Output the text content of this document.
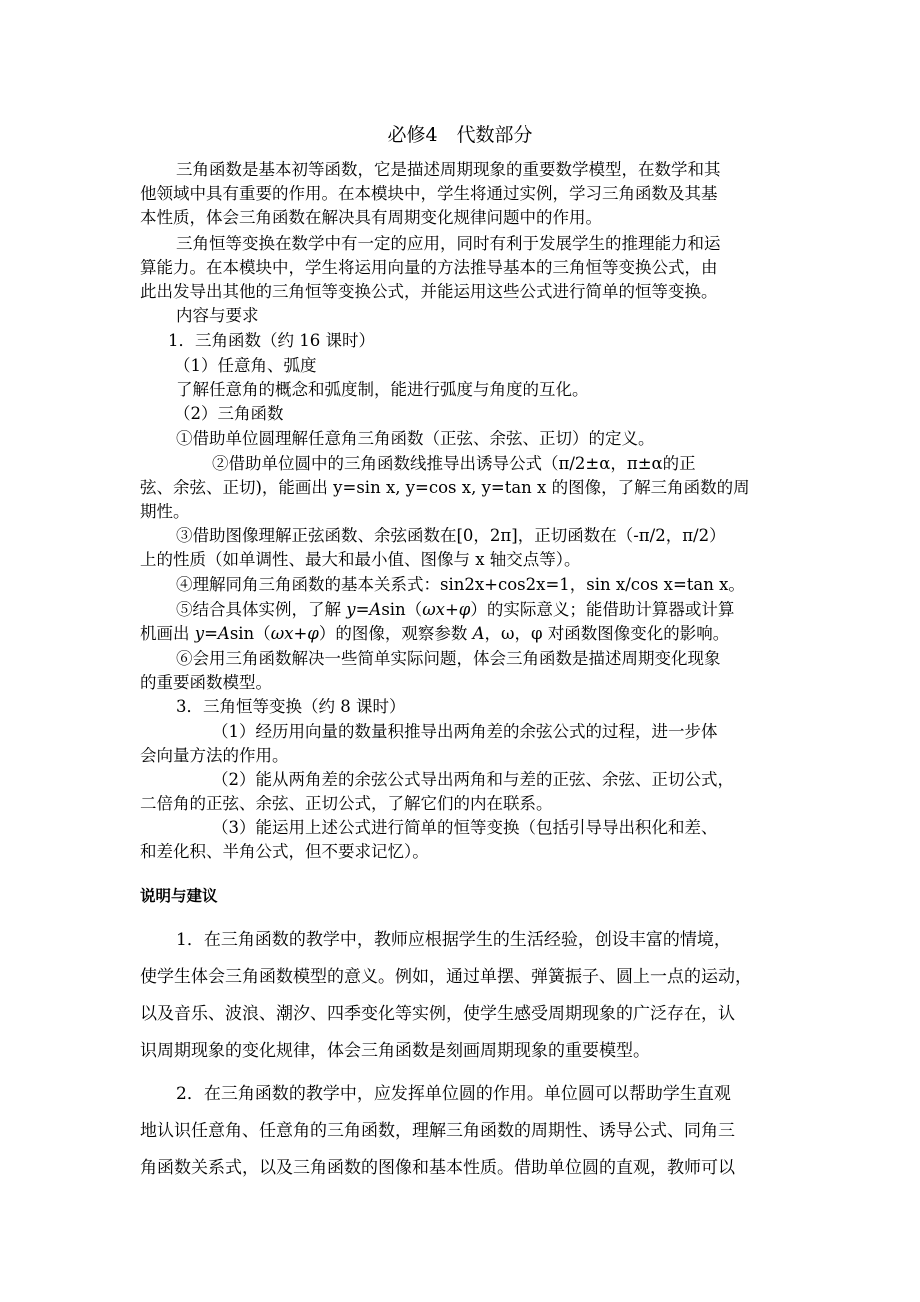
必修4　代数部分
三角函数是基本初等函数，它是描述周期现象的重要数学模型，在数学和其
他领域中具有重要的作用。在本模块中，学生将通过实例，学习三角函数及其基
本性质，体会三角函数在解决具有周期变化规律问题中的作用。
三角恒等变换在数学中有一定的应用，同时有利于发展学生的推理能力和运
算能力。在本模块中，学生将运用向量的方法推导基本的三角恒等变换公式，由
此出发导出其他的三角恒等变换公式，并能运用这些公式进行简单的恒等变换。
内容与要求
1．三角函数（约 16 课时）
（1）任意角、弧度
了解任意角的概念和弧度制，能进行弧度与角度的互化。
（2）三角函数
①借助单位圆理解任意角三角函数（正弦、余弦、正切）的定义。
②借助单位圆中的三角函数线推导出诱导公式（π/2±α，π±α的正
弦、余弦、正切)，能画出 y=sin x, y=cos x, y=tan x 的图像，了解三角函数的周
期性。
③借助图像理解正弦函数、余弦函数在[0，2π]，正切函数在（-π/2，π/2）
上的性质（如单调性、最大和最小值、图像与 x 轴交点等）。
④理解同角三角函数的基本关系式：sin2x+cos2x=1，sin x/cos x=tan x。
⑤结合具体实例，了解 y=Asin（ωx+φ）的实际意义；能借助计算器或计算
机画出 y=Asin（ωx+φ）的图像，观察参数 A，ω，φ 对函数图像变化的影响。
⑥会用三角函数解决一些简单实际问题，体会三角函数是描述周期变化现象
的重要函数模型。
3．三角恒等变换（约 8 课时）
（1）经历用向量的数量积推导出两角差的余弦公式的过程，进一步体
会向量方法的作用。
（2）能从两角差的余弦公式导出两角和与差的正弦、余弦、正切公式，
二倍角的正弦、余弦、正切公式，了解它们的内在联系。
（3）能运用上述公式进行简单的恒等变换（包括引导导出积化和差、
和差化积、半角公式，但不要求记忆）。
说明与建议
1．在三角函数的教学中，教师应根据学生的生活经验，创设丰富的情境，
使学生体会三角函数模型的意义。例如，通过单摆、弹簧振子、圆上一点的运动，
以及音乐、波浪、潮汐、四季变化等实例，使学生感受周期现象的广泛存在，认
识周期现象的变化规律，体会三角函数是刻画周期现象的重要模型。
2．在三角函数的教学中，应发挥单位圆的作用。单位圆可以帮助学生直观
地认识任意角、任意角的三角函数，理解三角函数的周期性、诱导公式、同角三
角函数关系式，以及三角函数的图像和基本性质。借助单位圆的直观，教师可以
